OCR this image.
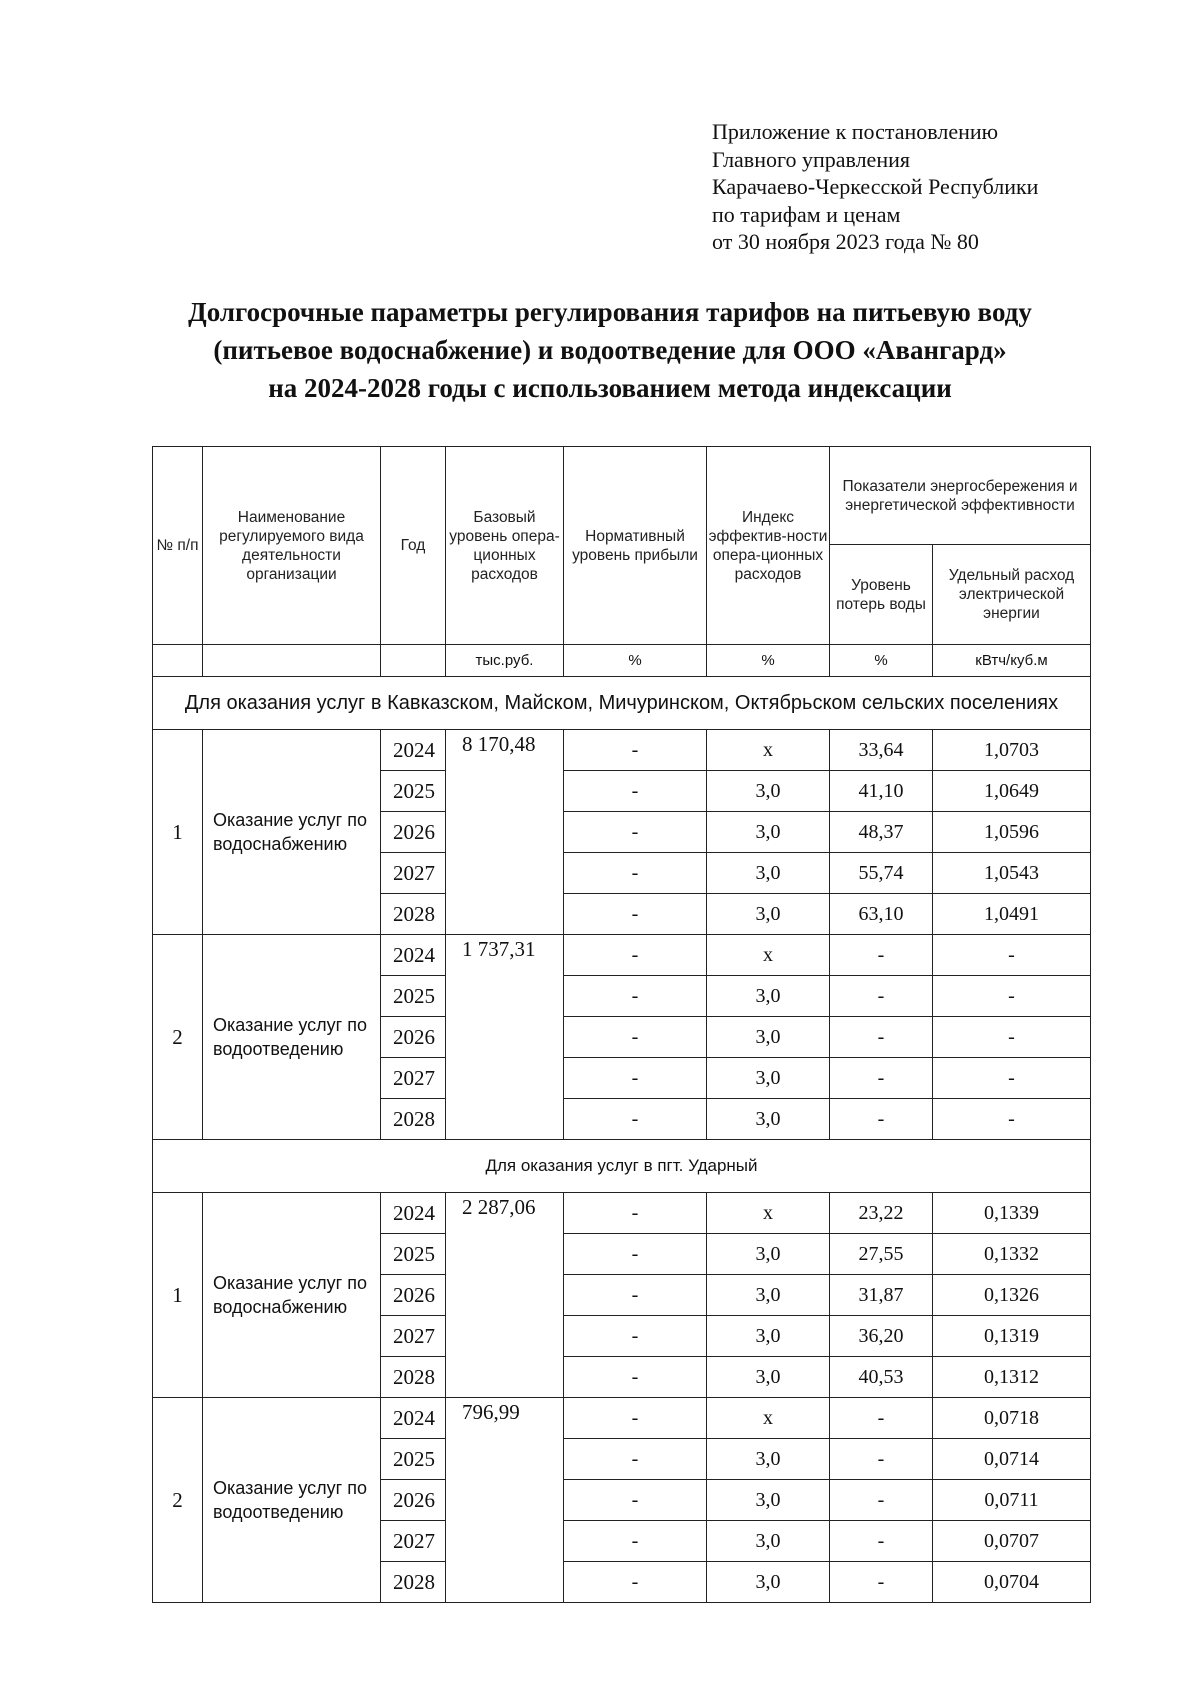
Приложение к постановлению
Главного управления
Карачаево-Черкесской Республики
по тарифам и ценам
от 30 ноября 2023 года № 80
Долгосрочные параметры регулирования тарифов на питьевую воду
(питьевое водоснабжение) и водоотведение для ООО «Авангард»
на 2024-2028 годы с использованием метода индексации
№ п/п	Наименование регулируемого вида деятельности организации	Год	Базовый уровень опера-ционных расходов	Нормативный уровень прибыли	Индекс эффектив-ности опера-ционных расходов	Показатели энергосбережения и энергетической эффективности	
						Уровень потерь воды	Удельный расход электрической энергии
			тыс.руб.	%	%	%	кВтч/куб.м
Для оказания услуг в Кавказском, Майском, Мичуринском, Октябрьском сельских поселениях							
1	Оказание услуг по водоснабжению	2024	8 170,48	-	x	33,64	1,0703
		2025		-	3,0	41,10	1,0649
		2026		-	3,0	48,37	1,0596
		2027		-	3,0	55,74	1,0543
		2028		-	3,0	63,10	1,0491
2	Оказание услуг по водоотведению	2024	1 737,31	-	x	-	-
		2025		-	3,0	-	-
		2026		-	3,0	-	-
		2027		-	3,0	-	-
		2028		-	3,0	-	-
Для оказания услуг в пгт. Ударный							
1	Оказание услуг по водоснабжению	2024	2 287,06	-	x	23,22	0,1339
		2025		-	3,0	27,55	0,1332
		2026		-	3,0	31,87	0,1326
		2027		-	3,0	36,20	0,1319
		2028		-	3,0	40,53	0,1312
2	Оказание услуг по водоотведению	2024	796,99	-	x	-	0,0718
		2025		-	3,0	-	0,0714
		2026		-	3,0	-	0,0711
		2027		-	3,0	-	0,0707
		2028		-	3,0	-	0,0704
